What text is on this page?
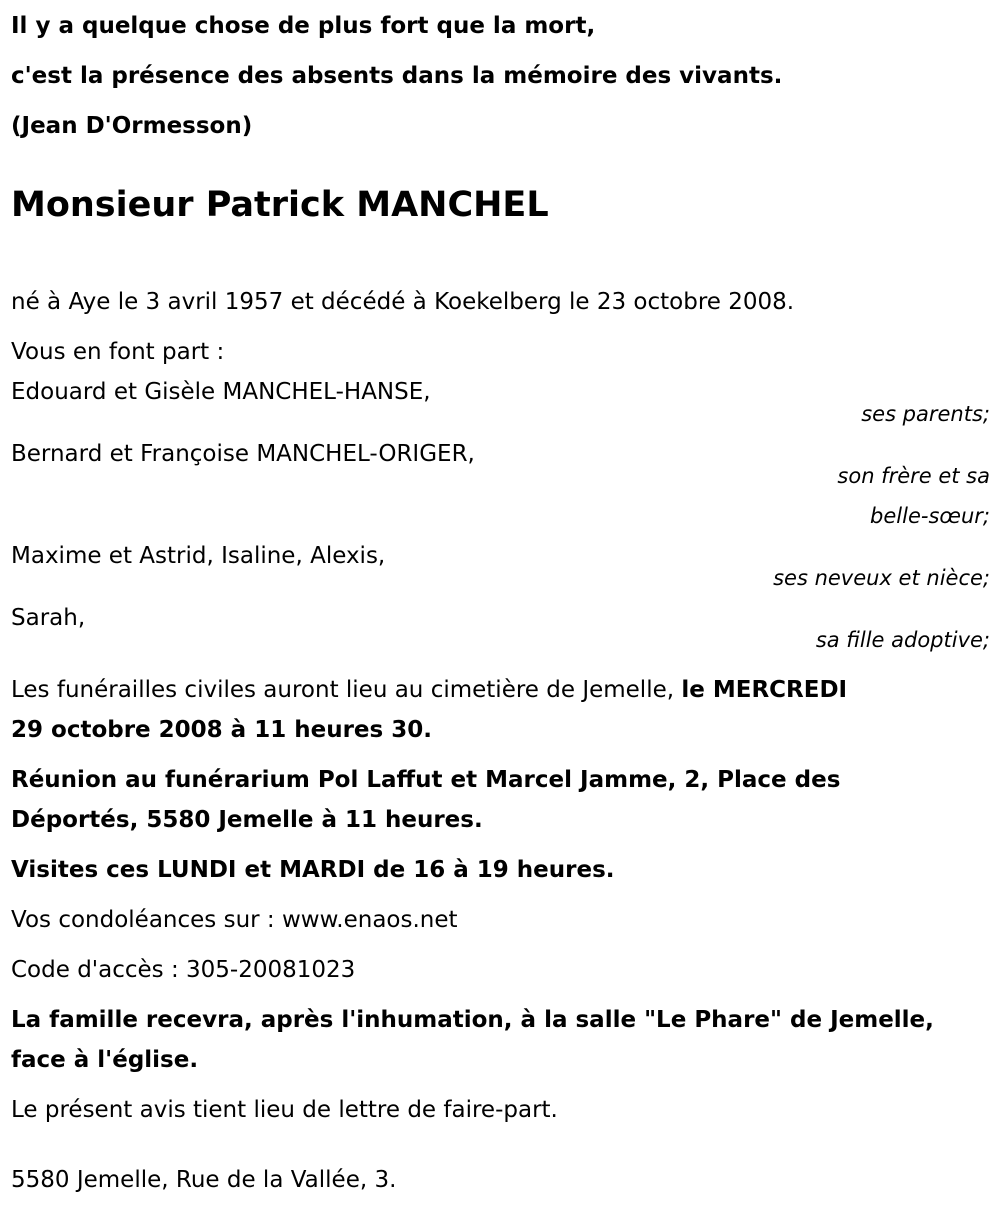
Il y a quelque chose de plus fort que la mort,
c'est la présence des absents dans la mémoire des vivants.
(Jean D'Ormesson)
Monsieur Patrick MANCHEL
né à Aye le 3 avril 1957 et décédé à Koekelberg le 23 octobre 2008.
Vous en font part :
Edouard et Gisèle MANCHEL-HANSE,
ses parents;
Bernard et Françoise MANCHEL-ORIGER,
son frère et sa
belle-sœur;
Maxime et Astrid, Isaline, Alexis,
ses neveux et nièce;
Sarah,
sa fille adoptive;
Les funérailles civiles auront lieu au cimetière de Jemelle, le MERCREDI
29 octobre 2008 à 11 heures 30.
Réunion au funérarium Pol Laffut et Marcel Jamme, 2, Place des
Déportés, 5580 Jemelle à 11 heures.
Visites ces LUNDI et MARDI de 16 à 19 heures.
Vos condoléances sur : www.enaos.net
Code d'accès : 305-20081023
La famille recevra, après l'inhumation, à la salle "Le Phare" de Jemelle,
face à l'église.
Le présent avis tient lieu de lettre de faire-part.
5580 Jemelle, Rue de la Vallée, 3.
